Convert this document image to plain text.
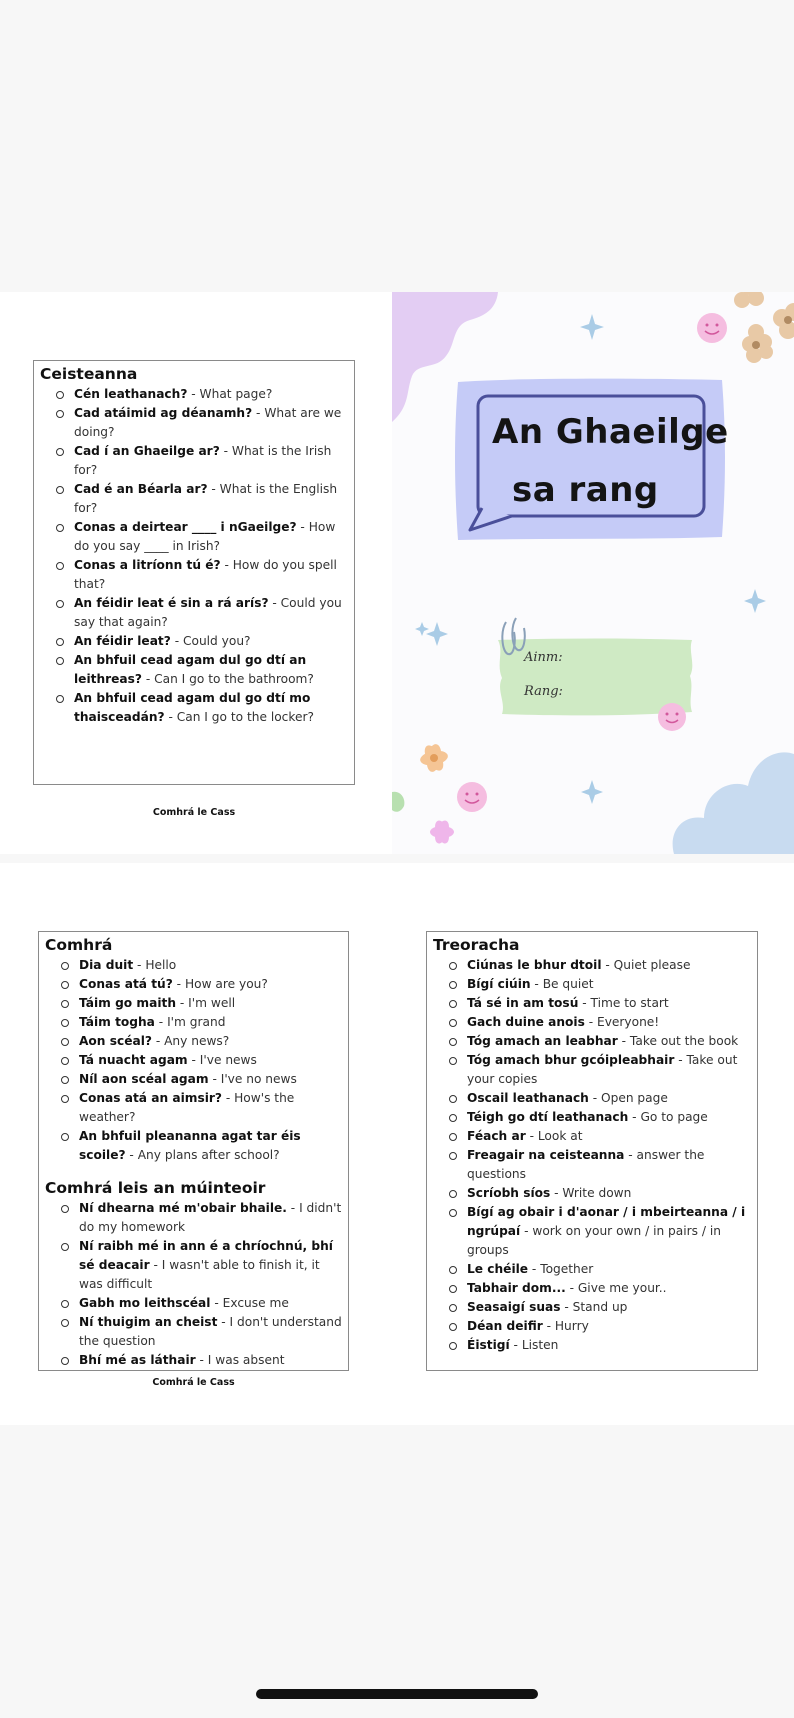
Ceisteanna
Cén leathanach? - What page?
Cad atáimid ag déanamh? - What are we doing?
Cad í an Ghaeilge ar? - What is the Irish for?
Cad é an Béarla ar? - What is the English for?
Conas a deirtear ____ i nGaeilge? - How do you say ____ in Irish?
Conas a litríonn tú é? - How do you spell that?
An féidir leat é sin a rá arís? - Could you say that again?
An féidir leat? - Could you?
An bhfuil cead agam dul go dtí an leithreas? - Can I go to the bathroom?
An bhfuil cead agam dul go dtí mo thaisceadán? - Can I go to the locker?
Comhrá le Cass
An Ghaeilge
sa rang
Ainm:
Rang:
Comhrá
Dia duit - Hello
Conas atá tú? - How are you?
Táim go maith - I'm well
Táim togha - I'm grand
Aon scéal? - Any news?
Tá nuacht agam - I've news
Níl aon scéal agam - I've no news
Conas atá an aimsir? - How's the weather?
An bhfuil pleananna agat tar éis scoile? - Any plans after school?
Comhrá leis an múinteoir
Ní dhearna mé m'obair bhaile. - I didn't do my homework
Ní raibh mé in ann é a chríochnú, bhí sé deacair - I wasn't able to finish it, it was difficult
Gabh mo leithscéal - Excuse me
Ní thuigim an cheist - I don't understand the question
Bhí mé as láthair - I was absent
Comhrá le Cass
Treoracha
Ciúnas le bhur dtoil - Quiet please
Bígí ciúin - Be quiet
Tá sé in am tosú - Time to start
Gach duine anois - Everyone!
Tóg amach an leabhar - Take out the book
Tóg amach bhur gcóipleabhair - Take out your copies
Oscail leathanach - Open page
Téigh go dtí leathanach - Go to page
Féach ar - Look at
Freagair na ceisteanna - answer the questions
Scríobh síos - Write down
Bígí ag obair i d'aonar / i mbeirteanna / i ngrúpaí - work on your own / in pairs / in groups
Le chéile - Together
Tabhair dom... - Give me your..
Seasaigí suas - Stand up
Déan deifir - Hurry
Éistigí - Listen
